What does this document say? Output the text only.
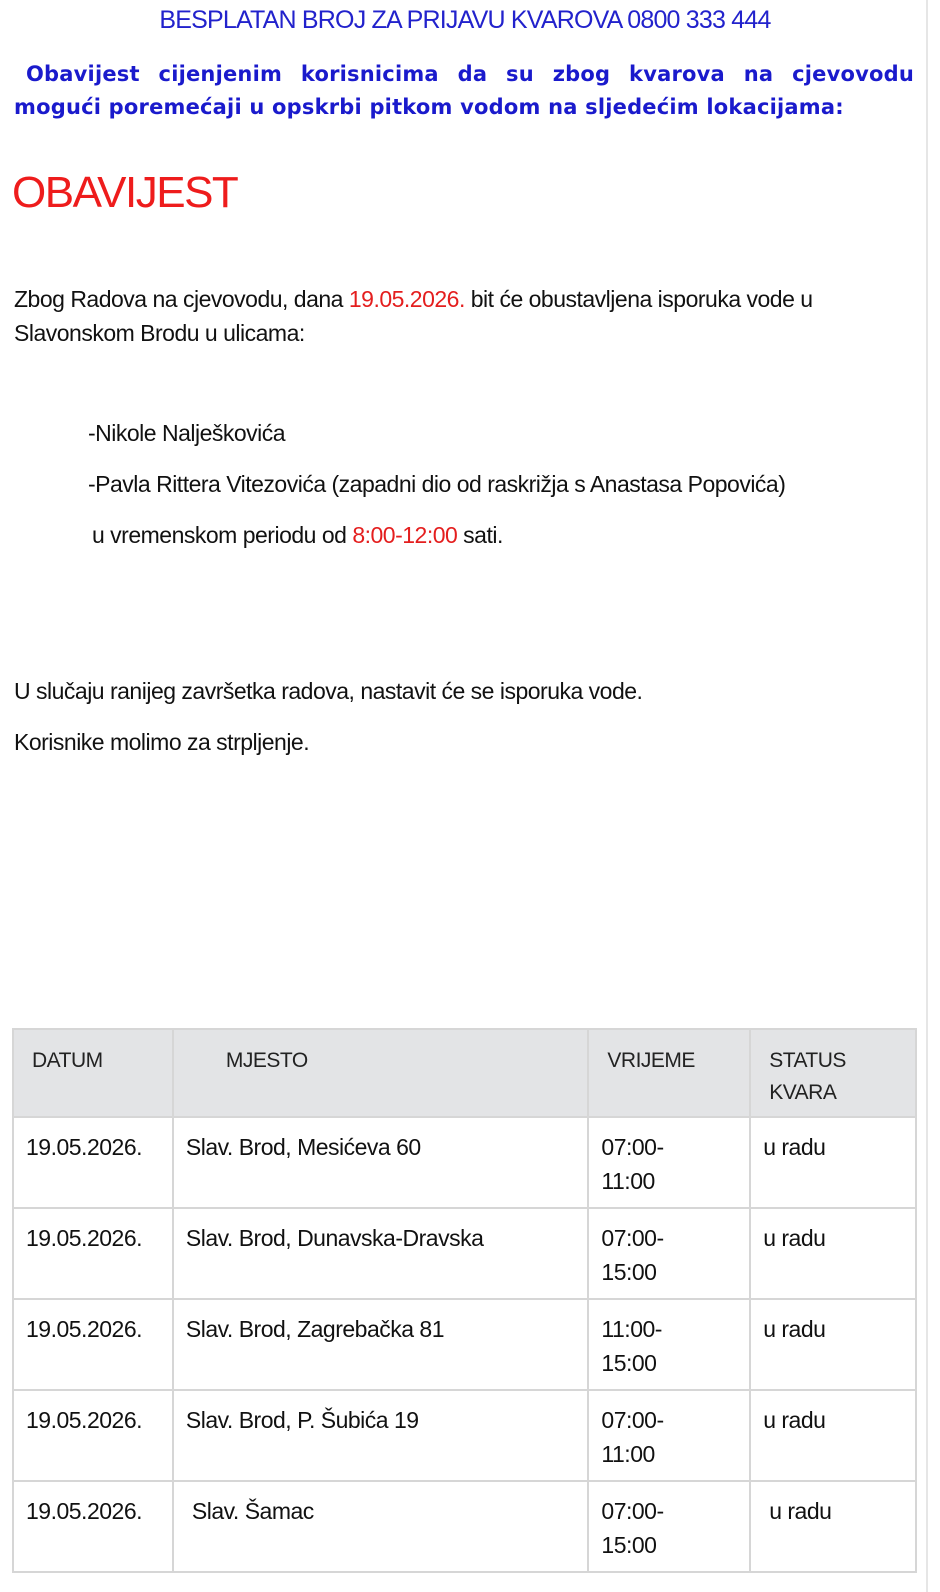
BESPLATAN BROJ ZA PRIJAVU KVAROVA 0800 333 444
Obavijest cijenjenim korisnicima da su zbog kvarova na cjevovodu mogući poremećaji u opskrbi pitkom vodom na sljedećim lokacijama:
OBAVIJEST
Zbog Radova na cjevovodu, dana 19.05.2026. bit će obustavljena isporuka vode u Slavonskom Brodu u ulicama:
-Nikole Nalješkovića
-Pavla Rittera Vitezovića (zapadni dio od raskrižja s Anastasa Popovića)
u vremenskom periodu od 8:00-12:00 sati.
U slučaju ranijeg završetka radova, nastavit će se isporuka vode.
Korisnike molimo za strpljenje.
DATUM	MJESTO	VRIJEME	STATUS KVARA
19.05.2026.	Slav. Brod, Mesićeva 60	07:00-11:00	u radu
19.05.2026.	Slav. Brod, Dunavska-Dravska	07:00-15:00	u radu
19.05.2026.	Slav. Brod, Zagrebačka 81	11:00-15:00	u radu
19.05.2026.	Slav. Brod, P. Šubića 19	07:00-11:00	u radu
19.05.2026.	Slav. Šamac	07:00-15:00	u radu
